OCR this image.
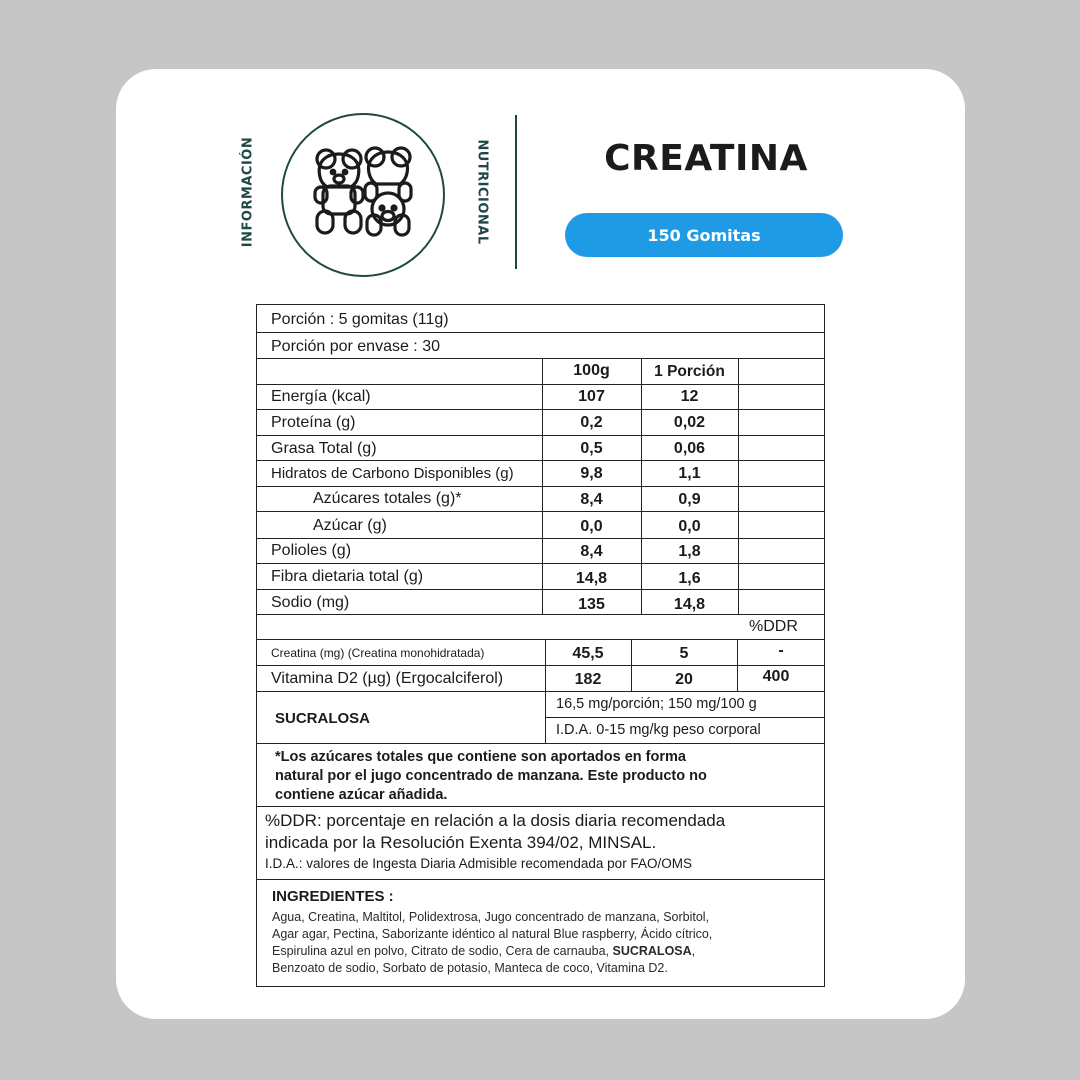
INFORMACIÓN	NUTRICIONAL	CREATINA
150 Gomitas
Porción : 5 gomitas (11g)
Porción por envase : 30
100g	1 Porción
Energía (kcal)	107	12
Proteína (g)	0,2	0,02
Grasa Total (g)	0,5	0,06
Hidratos de Carbono Disponibles (g)	9,8	1,1
Azúcares totales (g)*	8,4	0,9
Azúcar (g)	0,0	0,0
Polioles (g)	8,4	1,8
Fibra dietaria total (g)	14,8	1,6
Sodio (mg)	135	14,8
%DDR
Creatina (mg) (Creatina monohidratada)	45,5	5	-
Vitamina D2 (µg) (Ergocalciferol)	182	20	400
SUCRALOSA
16,5 mg/porción; 150 mg/100 g
I.D.A. 0-15 mg/kg peso corporal
*Los azúcares totales que contiene son aportados en forma
natural por el jugo concentrado de manzana. Este producto no
contiene azúcar añadida.
%DDR: porcentaje en relación a la dosis diaria recomendada
indicada por la Resolución Exenta 394/02, MINSAL.
I.D.A.: valores de Ingesta Diaria Admisible recomendada por FAO/OMS
INGREDIENTES :
Agua, Creatina, Maltitol, Polidextrosa, Jugo concentrado de manzana, Sorbitol,
Agar agar, Pectina, Saborizante idéntico al natural Blue raspberry, Ácido cítrico,
Espirulina azul en polvo, Citrato de sodio, Cera de carnauba, SUCRALOSA,
Benzoato de sodio, Sorbato de potasio, Manteca de coco, Vitamina D2.
